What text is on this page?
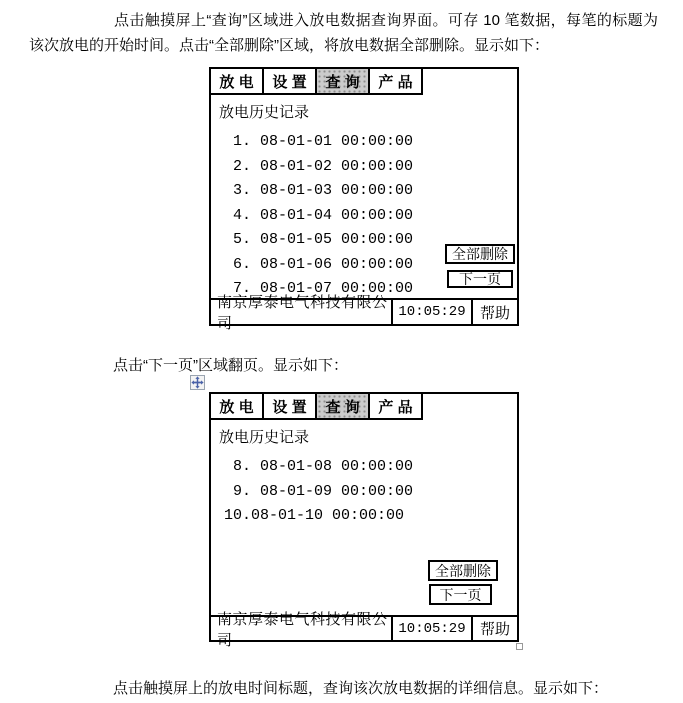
点击触摸屏上“查询”区域进入放电数据查询界面。可存 10 笔数据，每笔的标题为该次放电的开始时间。点击“全部删除”区域，将放电数据全部删除。显示如下：
放 电	设 置	查 询	产 品
放电历史记录
1. 08-01-01 00:00:00
2. 08-01-02 00:00:00
3. 08-01-03 00:00:00
4. 08-01-04 00:00:00
5. 08-01-05 00:00:00
6. 08-01-06 00:00:00
7. 08-01-07 00:00:00
全部删除
下一页
南京厚泰电气科技有限公司
10:05:29 帮助
点击“下一页”区域翻页。显示如下：
放 电	设 置	查 询	产 品
放电历史记录
8. 08-01-08 00:00:00
9. 08-01-09 00:00:00
10.08-01-10 00:00:00
全部删除
下一页
南京厚泰电气科技有限公司
10:05:29 帮助
点击触摸屏上的放电时间标题，查询该次放电数据的详细信息。显示如下：
